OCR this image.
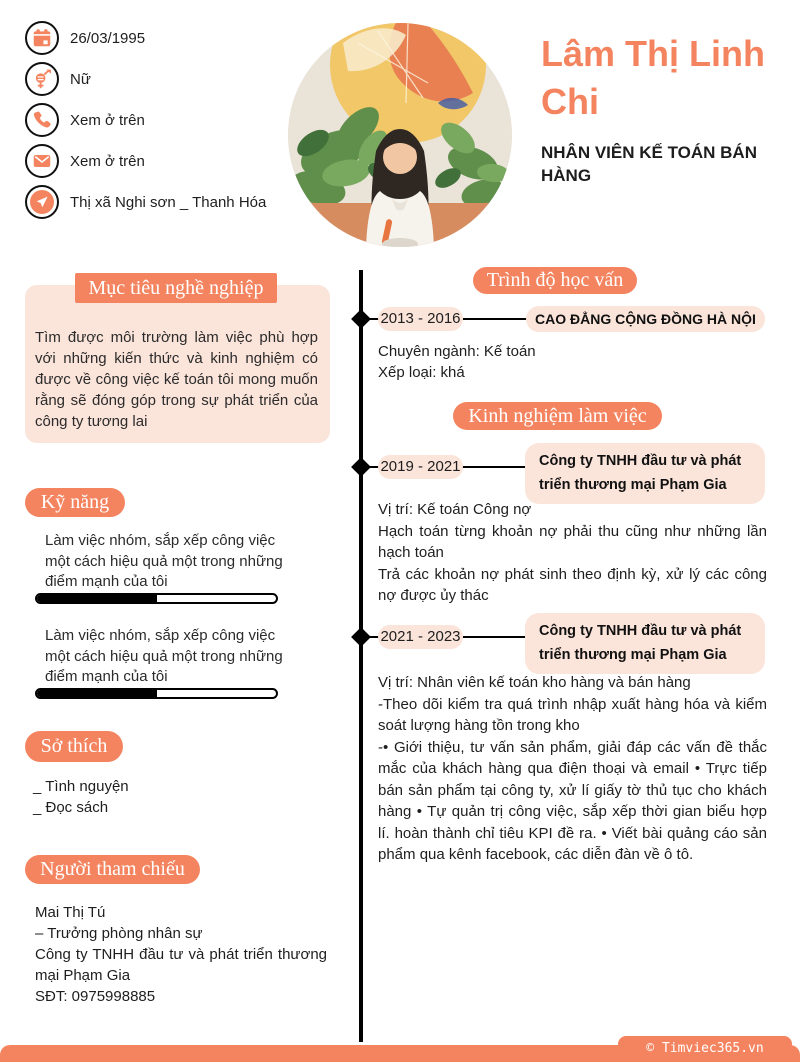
26/03/1995
Nữ
Xem ở trên
Xem ở trên
Thị xã Nghi sơn _ Thanh Hóa
Lâm Thị Linh Chi
NHÂN VIÊN KẾ TOÁN BÁN HÀNG
Mục tiêu nghề nghiệp

Tìm được môi trường làm việc phù hợp với những kiến thức và kinh nghiệm có được về công việc kế toán tôi mong muốn rằng sẽ đóng góp trong sự phát triển của công ty tương lai

Kỹ năng

Làm việc nhóm, sắp xếp công việc một cách hiệu quả một trong những điểm mạnh của tôi

Làm việc nhóm, sắp xếp công việc một cách hiệu quả một trong những điểm mạnh của tôi

Sở thích

_ Tình nguyện

_ Đọc sách

Người tham chiếu

Mai Thị Tú

– Trưởng phòng nhân sự

Công ty TNHH đầu tư và phát triển thương mại Phạm Gia

SĐT: 0975998885

Trình độ học vấn
2013 - 2016	CAO ĐẲNG CỘNG ĐỒNG HÀ NỘI

Chuyên ngành: Kế toán

Xếp loại: khá

Kinh nghiệm làm việc
2019 - 2021	Công ty TNHH đầu tư và phát triển thương mại Phạm Gia

Vị trí: Kế toán Công nợ

Hạch toán từng khoản nợ phải thu cũng như những lần hạch toán

Trả các khoản nợ phát sinh theo định kỳ, xử lý các công nợ được ủy thác

2021 - 2023	Công ty TNHH đầu tư và phát triển thương mại Phạm Gia

Vị trí: Nhân viên kế toán kho hàng và bán hàng

-Theo dõi kiểm tra quá trình nhập xuất hàng hóa và kiểm soát lượng hàng tồn trong kho

-• Giới thiệu, tư vấn sản phẩm, giải đáp các vấn đề thắc mắc của khách hàng qua điện thoại và email • Trực tiếp bán sản phẩm tại công ty, xử lí giấy tờ thủ tục cho khách hàng • Tự quản trị công việc, sắp xếp thời gian biểu hợp lí. hoàn thành chỉ tiêu KPI đề ra. • Viết bài quảng cáo sản phẩm qua kênh facebook, các diễn đàn về ô tô.

© Timviec365.vn
